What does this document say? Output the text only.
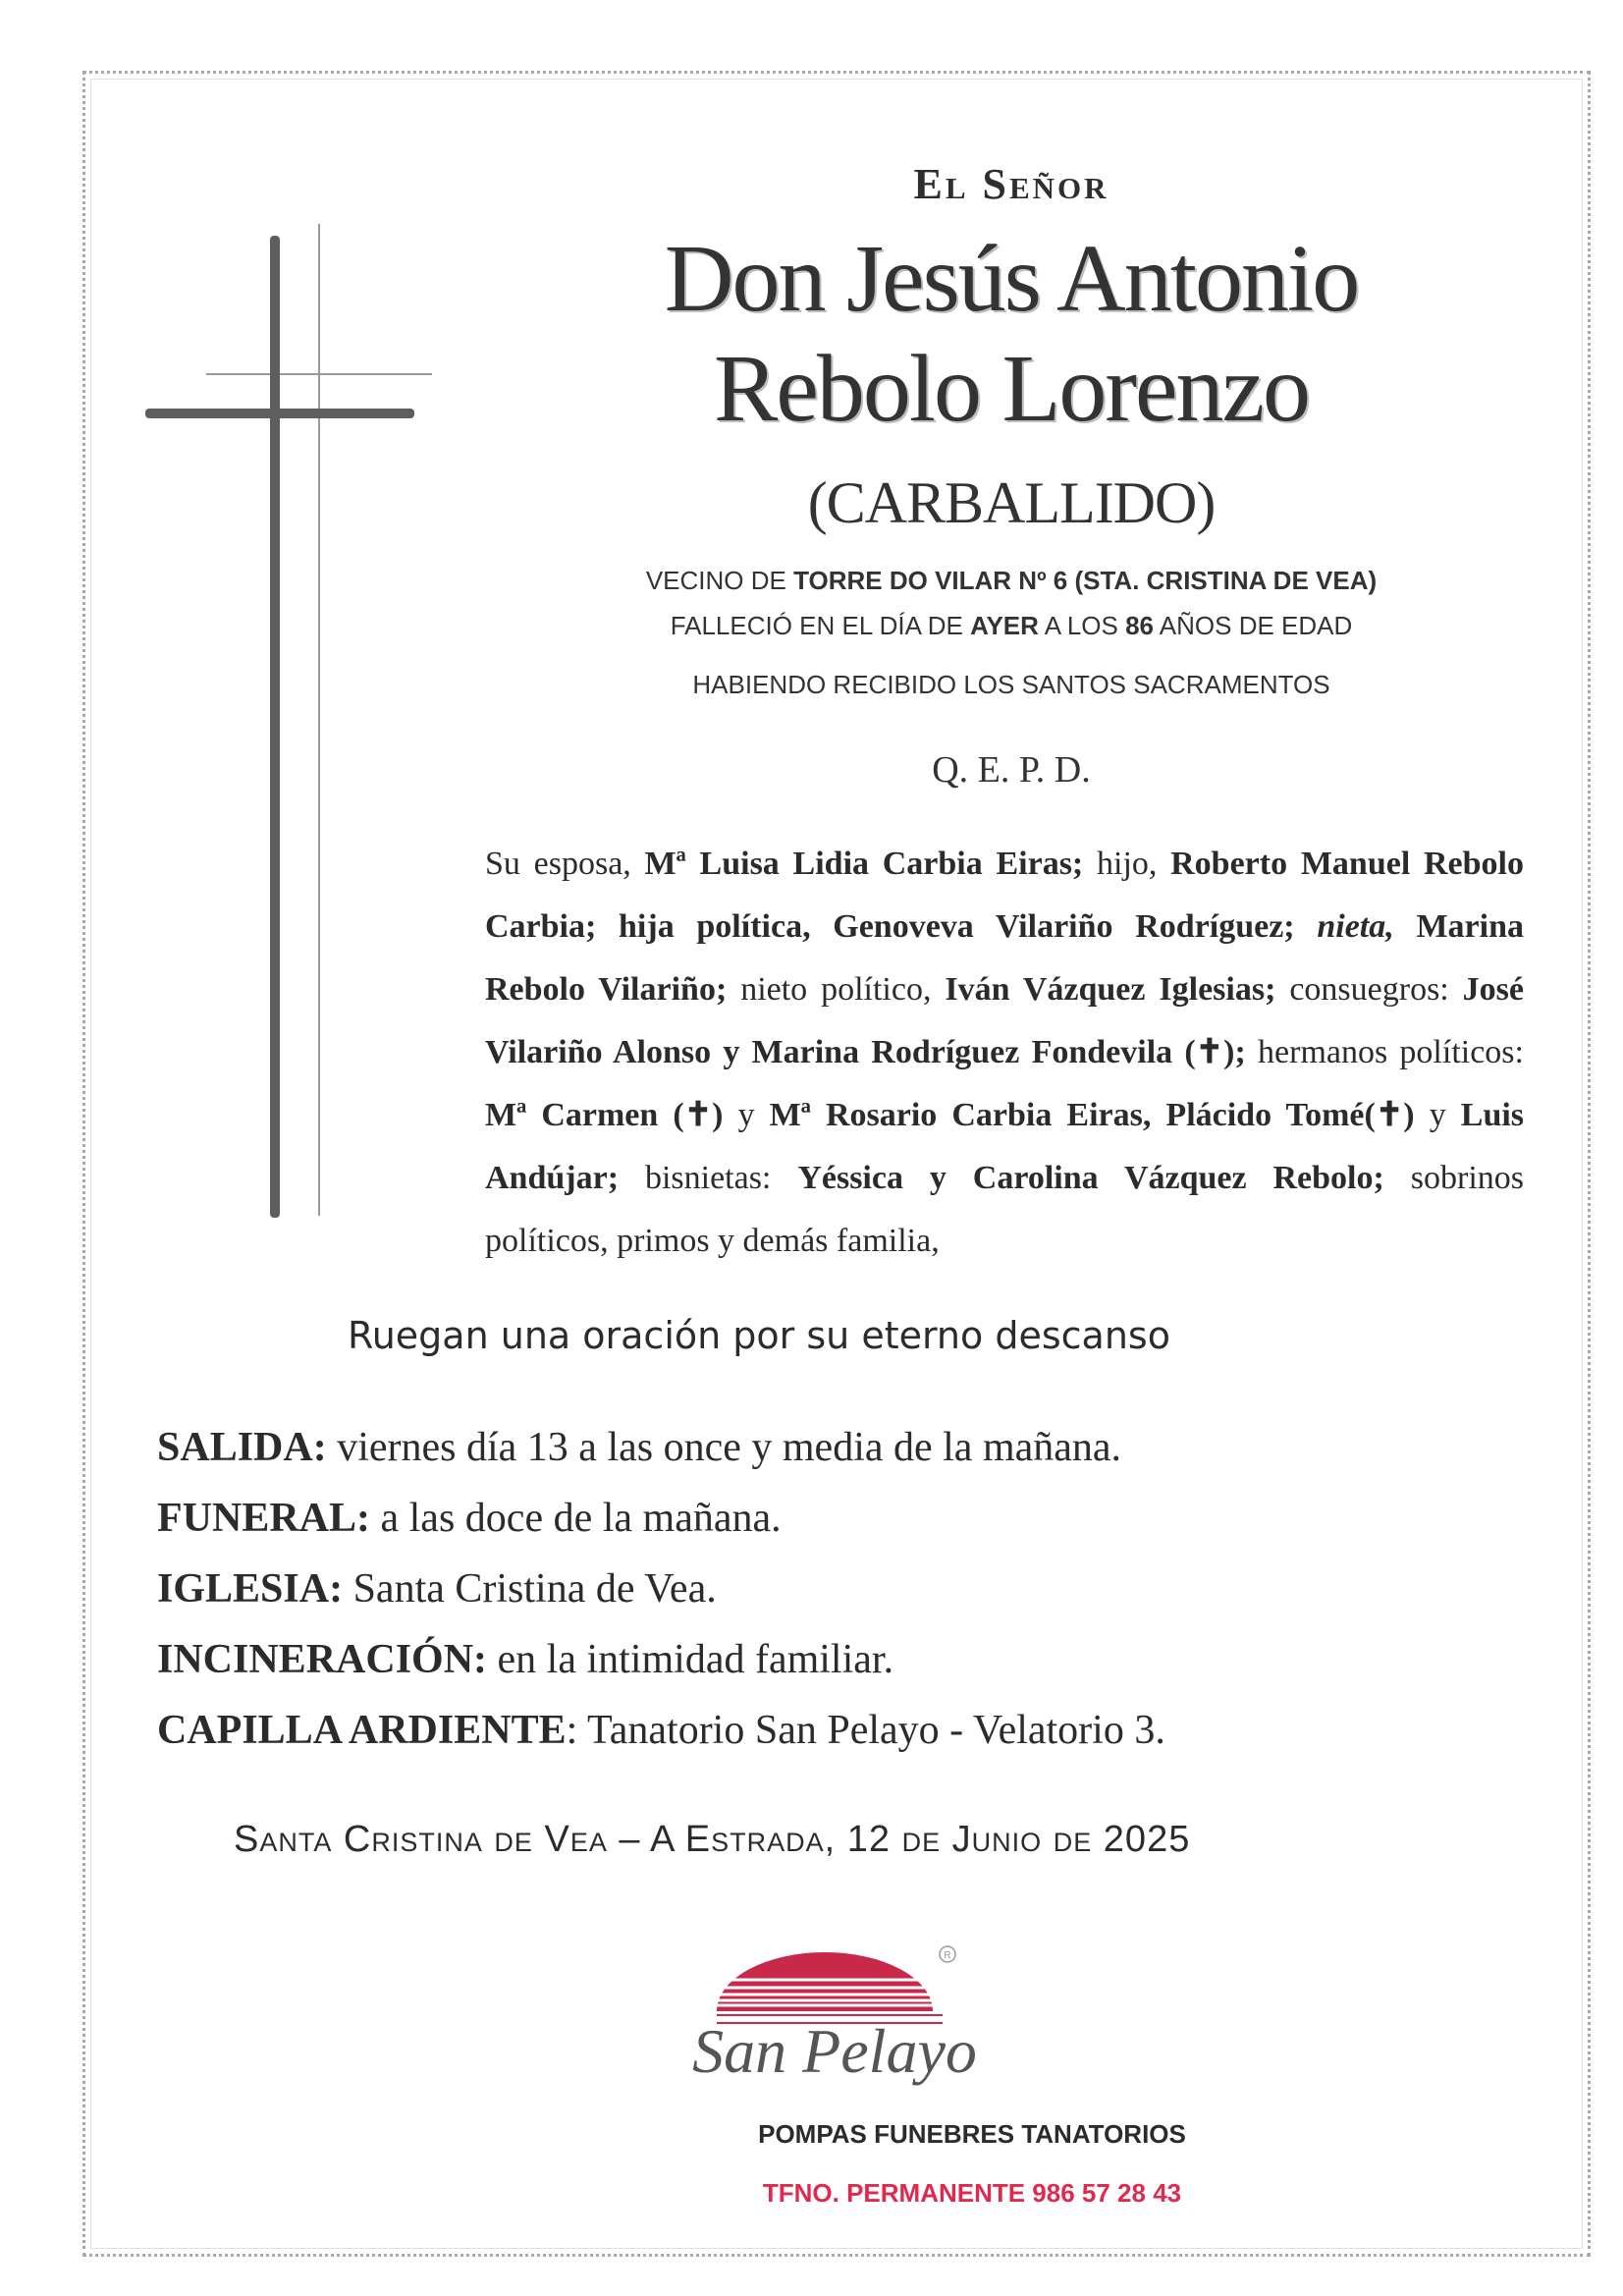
El Señor
Don Jesús Antonio
Rebolo Lorenzo
(CARBALLIDO)
VECINO DE TORRE DO VILAR Nº 6 (STA. CRISTINA DE VEA)
FALLECIÓ EN EL DÍA DE AYER A LOS 86 AÑOS DE EDAD
HABIENDO RECIBIDO LOS SANTOS SACRAMENTOS
Q. E. P. D.
Su esposa, Mª Luisa Lidia Carbia Eiras; hijo, Roberto Manuel Rebolo Carbia; hija política, Genoveva Vilariño Rodríguez; nieta, Marina Rebolo Vilariño; nieto político, Iván Vázquez Iglesias; consuegros: José Vilariño Alonso y Marina Rodríguez Fondevila (✝); hermanos políticos: Mª Carmen (✝) y Mª Rosario Carbia Eiras, Plácido Tomé(✝) y Luis Andújar; bisnietas: Yéssica y Carolina Vázquez Rebolo; sobrinos políticos, primos y demás familia,
Ruegan una oración por su eterno descanso
SALIDA: viernes día 13 a las once y media de la mañana.
FUNERAL: a las doce de la mañana.
IGLESIA: Santa Cristina de Vea.
INCINERACIÓN: en la intimidad familiar.
CAPILLA ARDIENTE: Tanatorio San Pelayo - Velatorio 3.
Santa Cristina de Vea – A Estrada, 12 de Junio de 2025
R
San Pelayo
POMPAS FUNEBRES TANATORIOS
TFNO. PERMANENTE 986 57 28 43
